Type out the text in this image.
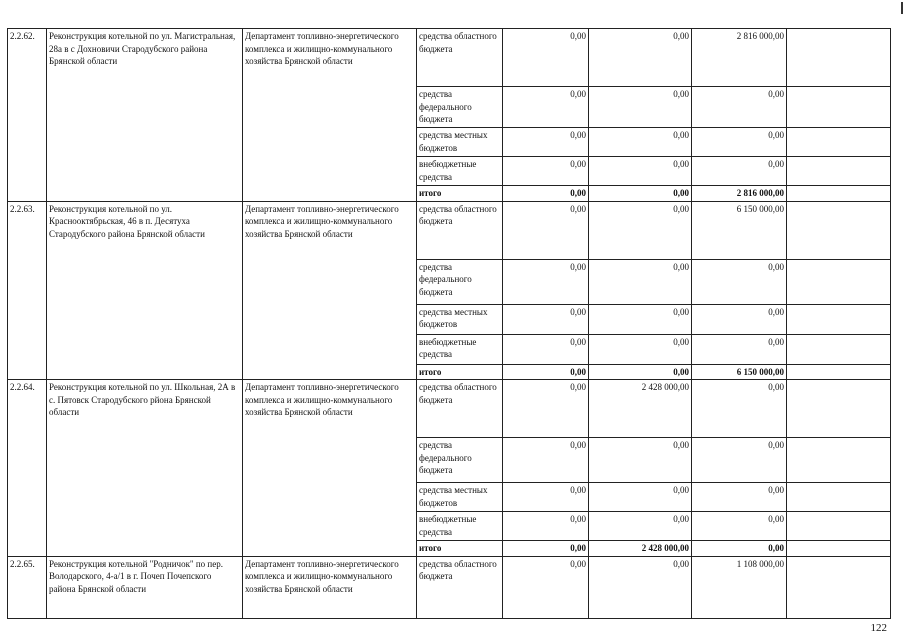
2.2.62.	Реконструкция котельной по ул. Магистральная, 28а в с Дохновичи Стародубского района Брянской области	Департамент топливно-энергетического комплекса и жилищно-коммунального хозяйства Брянской области	средства областного бюджета	0,00	0,00	2 816 000,00	
			средства федерального бюджета	0,00	0,00	0,00	
			средства местных бюджетов	0,00	0,00	0,00	
			внебюджетные средства	0,00	0,00	0,00	
			итого	0,00	0,00	2 816 000,00	
2.2.63.	Реконструкция котельной по ул. Краснооктябрьская, 46 в п. Десятуха Стародубского района Брянской области	Департамент топливно-энергетического комплекса и жилищно-коммунального хозяйства Брянской области	средства областного бюджета	0,00	0,00	6 150 000,00	
			средства федерального бюджета	0,00	0,00	0,00	
			средства местных бюджетов	0,00	0,00	0,00	
			внебюджетные средства	0,00	0,00	0,00	
			итого	0,00	0,00	6 150 000,00	
2.2.64.	Реконструкция котельной по ул. Школьная, 2А в с. Пятовск Стародубского рйона Брянской области	Департамент топливно-энергетического комплекса и жилищно-коммунального хозяйства Брянской области	средства областного бюджета	0,00	2 428 000,00	0,00	
			средства федерального бюджета	0,00	0,00	0,00	
			средства местных бюджетов	0,00	0,00	0,00	
			внебюджетные средства	0,00	0,00	0,00	
			итого	0,00	2 428 000,00	0,00	
2.2.65.	Реконструкция котельной "Родничок" по пер. Володарского, 4-а/1 в г. Почеп Почепского района Брянской области	Департамент топливно-энергетического комплекса и жилищно-коммунального хозяйства Брянской области	средства областного бюджета	0,00	0,00	1 108 000,00	
122
